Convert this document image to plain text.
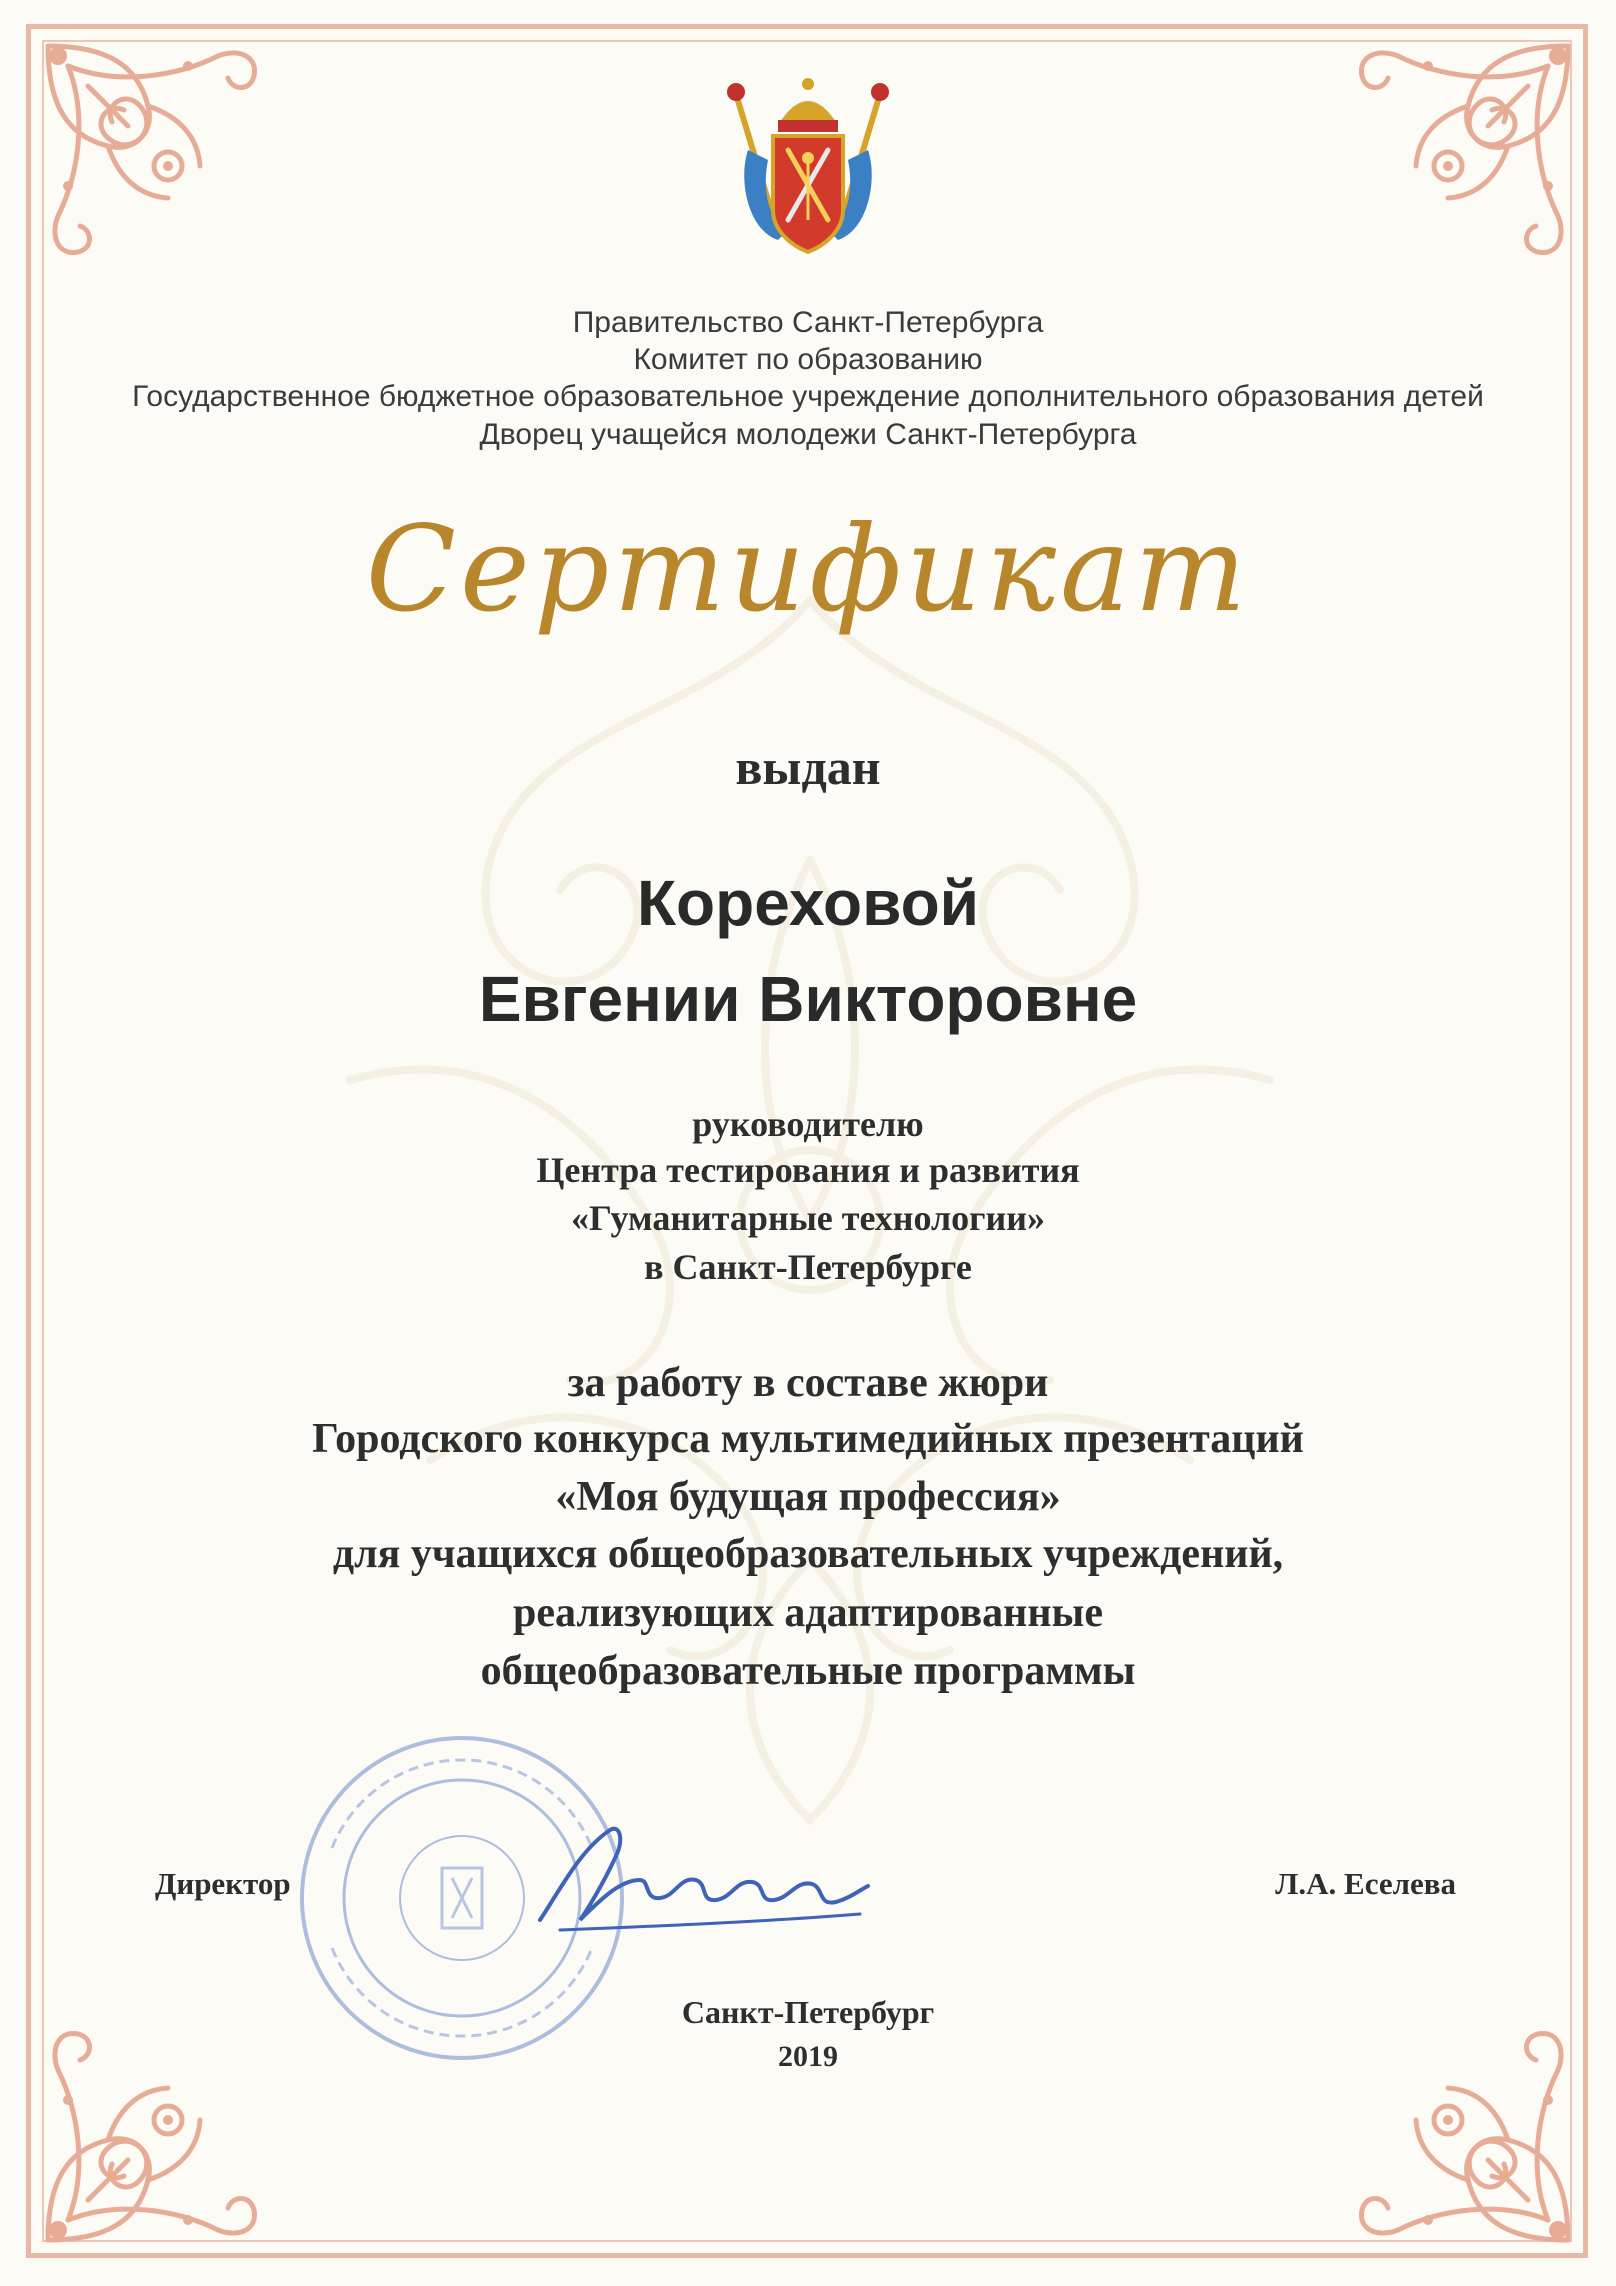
Правительство Санкт-Петербурга
Комитет по образованию
Государственное бюджетное образовательное учреждение дополнительного образования детей
Дворец учащейся молодежи Санкт-Петербурга
Сертификат
выдан
Кореховой
Евгении Викторовне
руководителю
Центра тестирования и развития
«Гуманитарные технологии»
в Санкт-Петербурге
за работу в составе жюри
Городского конкурса мультимедийных презентаций
«Моя будущая профессия»
для учащихся общеобразовательных учреждений,
реализующих адаптированные
общеобразовательные программы
Директор	Л.А. Еселева
Санкт-Петербург
2019
